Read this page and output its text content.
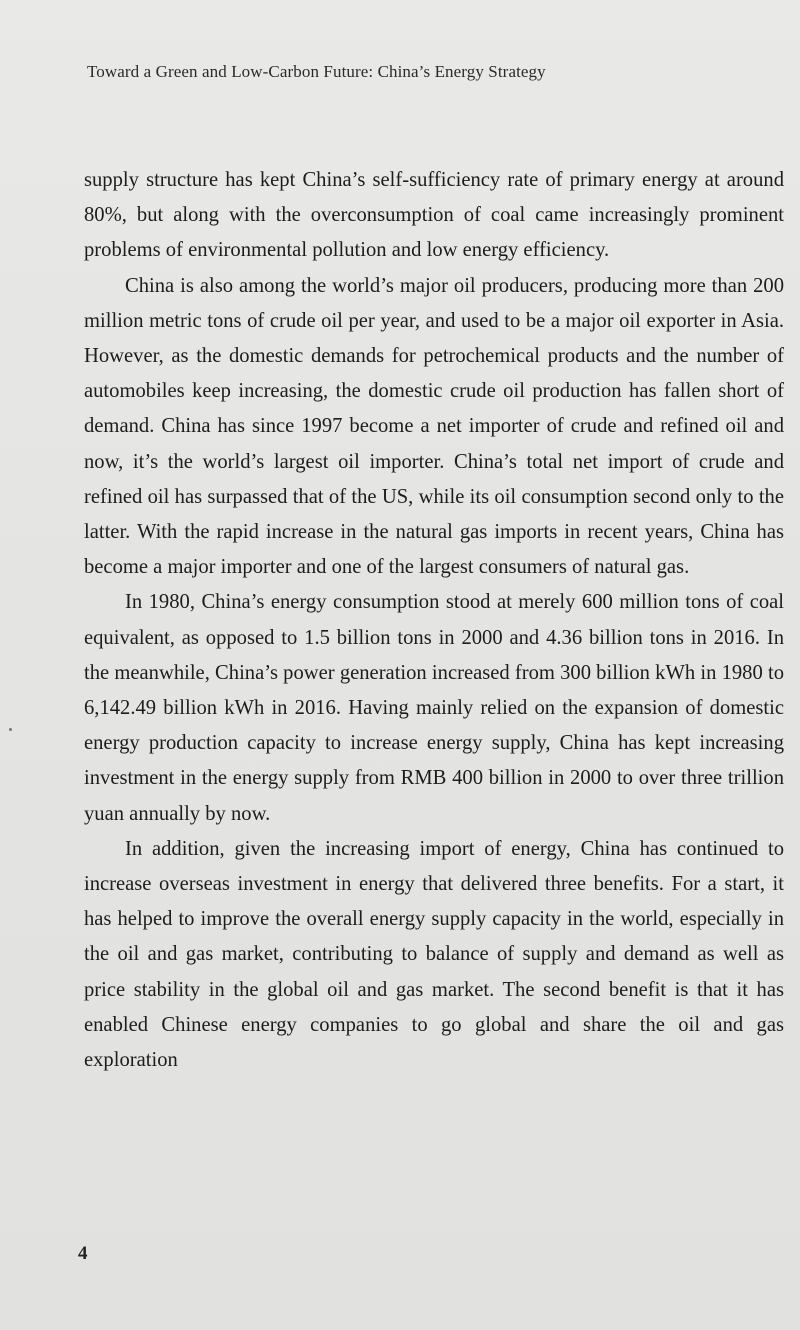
Toward a Green and Low-Carbon Future: China’s Energy Strategy

supply structure has kept China’s self-sufficiency rate of primary energy at around 80%, but along with the overconsumption of coal came increasingly prominent problems of environmental pollution and low energy efficiency.

China is also among the world’s major oil producers, producing more than 200 million metric tons of crude oil per year, and used to be a major oil exporter in Asia. However, as the domestic demands for petrochemical products and the number of automobiles keep increasing, the domestic crude oil production has fallen short of demand. China has since 1997 become a net importer of crude and refined oil and now, it’s the world’s largest oil importer. China’s total net import of crude and refined oil has surpassed that of the US, while its oil consumption second only to the latter. With the rapid increase in the natural gas imports in recent years, China has become a major importer and one of the largest consumers of natural gas.

In 1980, China’s energy consumption stood at merely 600 million tons of coal equivalent, as opposed to 1.5 billion tons in 2000 and 4.36 billion tons in 2016. In the meanwhile, China’s power generation increased from 300 billion kWh in 1980 to 6,142.49 billion kWh in 2016. Having mainly relied on the expansion of domestic energy production capacity to increase energy supply, China has kept increasing investment in the energy supply from RMB 400 billion in 2000 to over three trillion yuan annually by now.

In addition, given the increasing import of energy, China has continued to increase overseas investment in energy that delivered three benefits. For a start, it has helped to improve the overall energy supply capacity in the world, especially in the oil and gas market, contributing to balance of supply and demand as well as price stability in the global oil and gas market. The second benefit is that it has enabled Chinese energy companies to go global and share the oil and gas exploration

4
